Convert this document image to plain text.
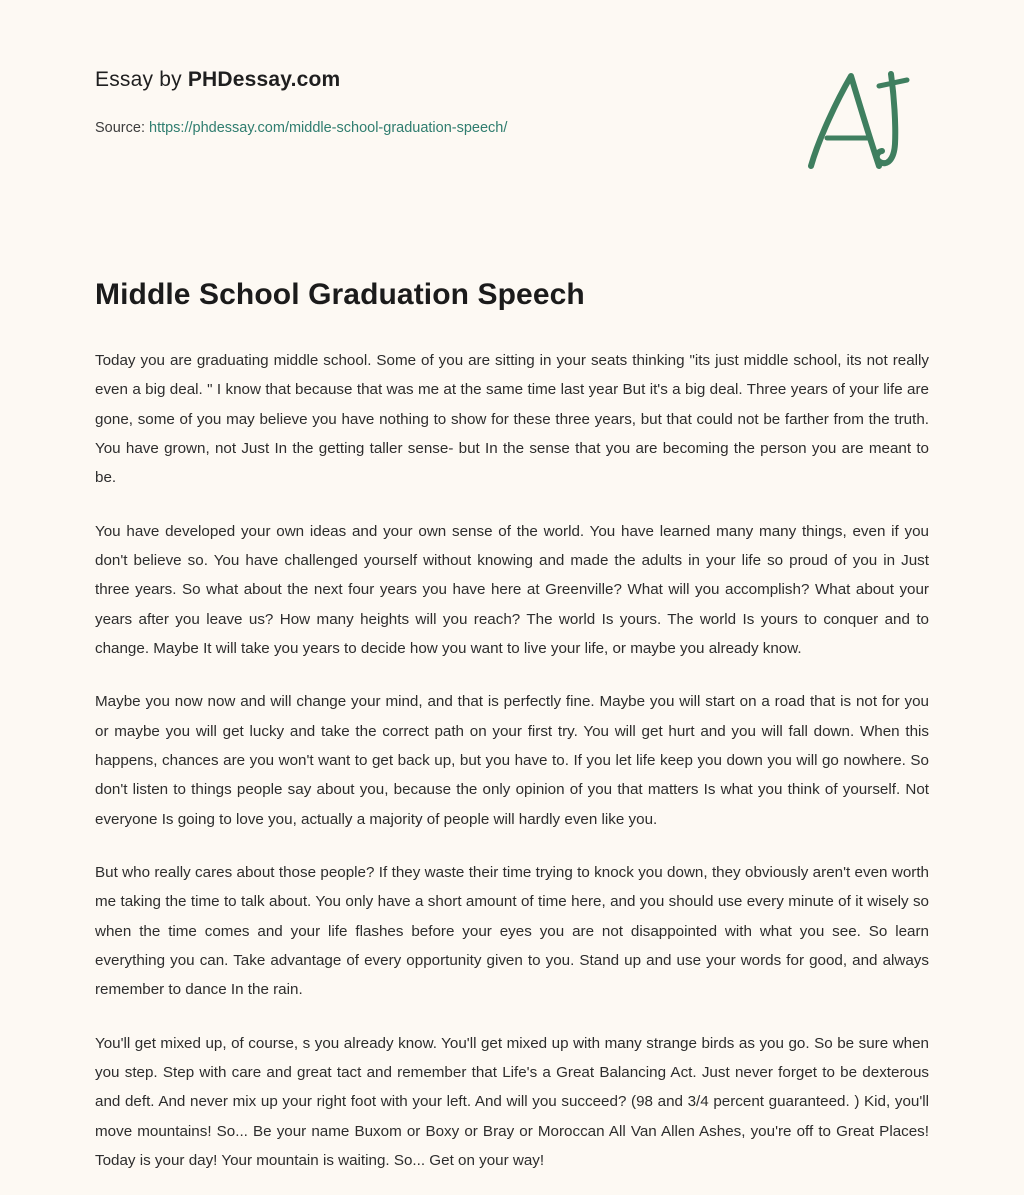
Essay by PHDessay.com
Source: https://phdessay.com/middle-school-graduation-speech/
Middle School Graduation Speech

Today you are graduating middle school. Some of you are sitting in your seats thinking "its just middle school, its not really even a big deal. " I know that because that was me at the same time last year But it's a big deal. Three years of your life are gone, some of you may believe you have nothing to show for these three years, but that could not be farther from the truth. You have grown, not Just In the getting taller sense- but In the sense that you are becoming the person you are meant to be.

You have developed your own ideas and your own sense of the world. You have learned many many things, even if you don't believe so. You have challenged yourself without knowing and made the adults in your life so proud of you in Just three years. So what about the next four years you have here at Greenville? What will you accomplish? What about your years after you leave us? How many heights will you reach? The world Is yours. The world Is yours to conquer and to change. Maybe It will take you years to decide how you want to live your life, or maybe you already know.

Maybe you now now and will change your mind, and that is perfectly fine. Maybe you will start on a road that is not for you or maybe you will get lucky and take the correct path on your first try. You will get hurt and you will fall down. When this happens, chances are you won't want to get back up, but you have to. If you let life keep you down you will go nowhere. So don't listen to things people say about you, because the only opinion of you that matters Is what you think of yourself. Not everyone Is going to love you, actually a majority of people will hardly even like you.

But who really cares about those people? If they waste their time trying to knock you down, they obviously aren't even worth me taking the time to talk about. You only have a short amount of time here, and you should use every minute of it wisely so when the time comes and your life flashes before your eyes you are not disappointed with what you see. So learn everything you can. Take advantage of every opportunity given to you. Stand up and use your words for good, and always remember to dance In the rain.

You'll get mixed up, of course, s you already know. You'll get mixed up with many strange birds as you go. So be sure when you step. Step with care and great tact and remember that Life's a Great Balancing Act. Just never forget to be dexterous and deft. And never mix up your right foot with your left. And will you succeed? (98 and 3/4 percent guaranteed. ) Kid, you'll move mountains! So... Be your name Buxom or Boxy or Bray or Moroccan All Van Allen Ashes, you're off to Great Places! Today is your day! Your mountain is waiting. So... Get on your way!
